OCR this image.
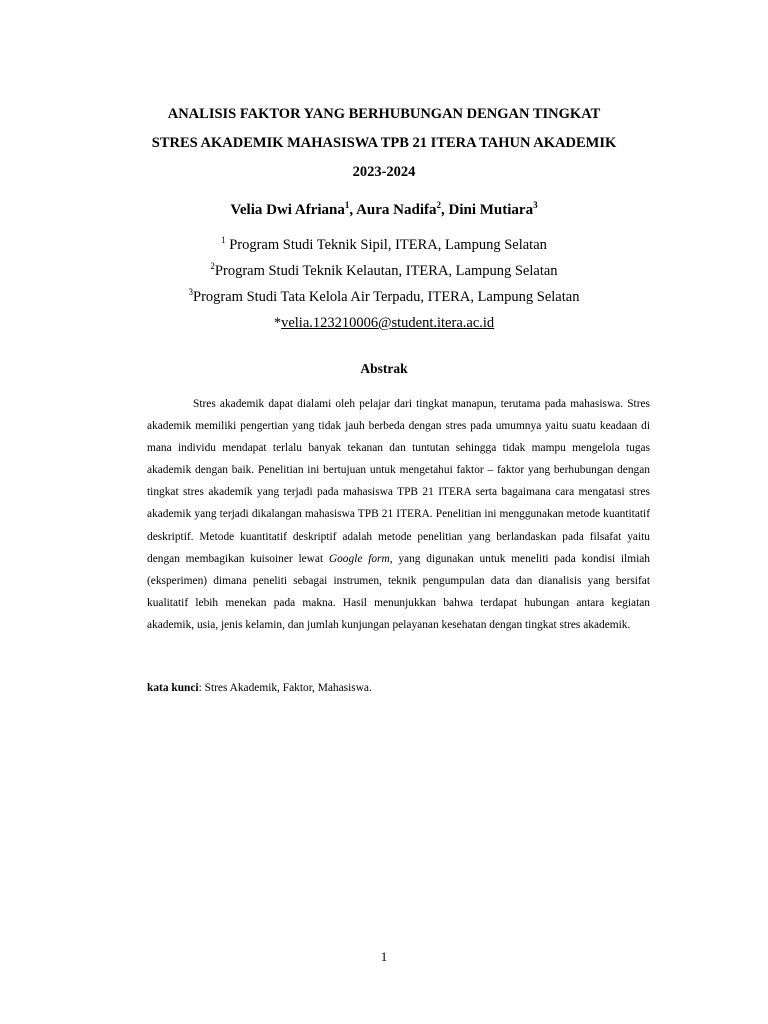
ANALISIS FAKTOR YANG BERHUBUNGAN DENGAN TINGKAT
STRES AKADEMIK MAHASISWA TPB 21 ITERA TAHUN AKADEMIK
2023-2024
Velia Dwi Afriana$^1$, Aura Nadifa$^2$, Dini Mutiara$^3$
$^1$ Program Studi Teknik Sipil, ITERA, Lampung Selatan
$^2$Program Studi Teknik Kelautan, ITERA, Lampung Selatan
$^3$Program Studi Tata Kelola Air Terpadu, ITERA, Lampung Selatan
*velia.123210006@student.itera.ac.id
Abstrak

Stres akademik dapat dialami oleh pelajar dari tingkat manapun, terutama pada mahasiswa. Stres akademik memiliki pengertian yang tidak jauh berbeda dengan stres pada umumnya yaitu suatu keadaan di mana individu mendapat terlalu banyak tekanan dan tuntutan sehingga tidak mampu mengelola tugas akademik dengan baik. Penelitian ini bertujuan untuk mengetahui faktor – faktor yang berhubungan dengan tingkat stres akademik yang terjadi pada mahasiswa TPB 21 ITERA serta bagaimana cara mengatasi stres akademik yang terjadi dikalangan mahasiswa TPB 21 ITERA. Penelitian ini menggunakan metode kuantitatif deskriptif. Metode kuantitatif deskriptif adalah metode penelitian yang berlandaskan pada filsafat yaitu dengan membagikan kuisoiner lewat Google form, yang digunakan untuk meneliti pada kondisi ilmiah (eksperimen) dimana peneliti sebagai instrumen, teknik pengumpulan data dan dianalisis yang bersifat kualitatif lebih menekan pada makna. Hasil menunjukkan bahwa terdapat hubungan antara kegiatan akademik, usia, jenis kelamin, dan jumlah kunjungan pelayanan kesehatan dengan tingkat stres akademik.

kata kunci: Stres Akademik, Faktor, Mahasiswa.
1
